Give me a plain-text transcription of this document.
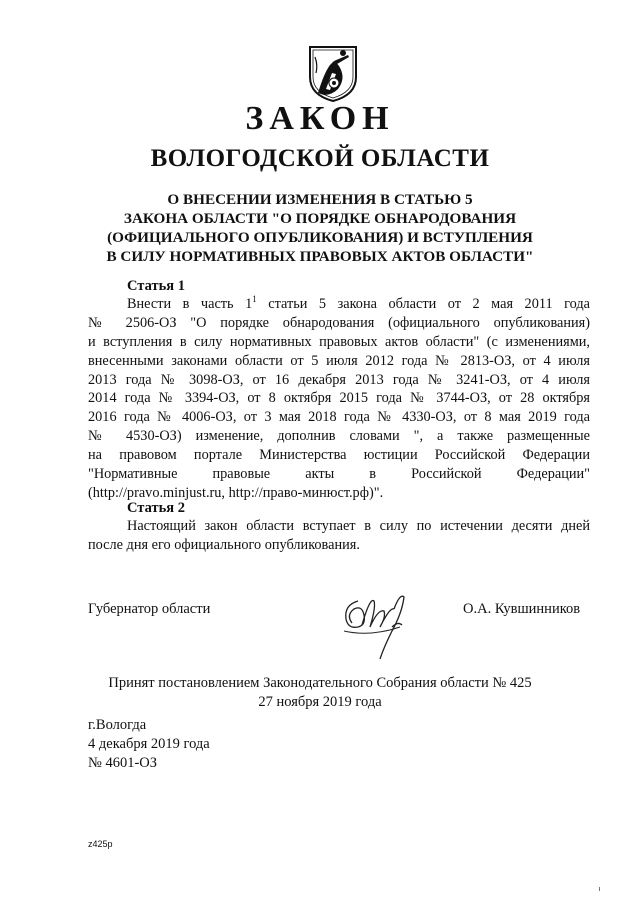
ЗАКОН
ВОЛОГОДСКОЙ ОБЛАСТИ
О ВНЕСЕНИИ ИЗМЕНЕНИЯ В СТАТЬЮ 5
ЗАКОНА ОБЛАСТИ "О ПОРЯДКЕ ОБНАРОДОВАНИЯ
(ОФИЦИАЛЬНОГО ОПУБЛИКОВАНИЯ) И ВСТУПЛЕНИЯ
В СИЛУ НОРМАТИВНЫХ ПРАВОВЫХ АКТОВ ОБЛАСТИ"
Статья 1
Внести в часть $1^1$ статьи 5 закона области от 2 мая 2011 года
№ 2506-ОЗ "О порядке обнародования (официального опубликования)
и вступления в силу нормативных правовых актов области" (с изменениями,
внесенными законами области от 5 июля 2012 года № 2813-ОЗ, от 4 июля
2013 года № 3098-ОЗ, от 16 декабря 2013 года № 3241-ОЗ, от 4 июля
2014 года № 3394-ОЗ, от 8 октября 2015 года № 3744-ОЗ, от 28 октября
2016 года № 4006-ОЗ, от 3 мая 2018 года № 4330-ОЗ, от 8 мая 2019 года
№ 4530-ОЗ) изменение, дополнив словами ", а также размещенные
на правовом портале Министерства юстиции Российской Федерации
"Нормативные правовые акты в Российской Федерации"
(http://pravo.minjust.ru, http://право-минюст.рф)".
Статья 2
Настоящий закон области вступает в силу по истечении десяти дней
после дня его официального опубликования.
Губернатор области	О.А. Кувшинников
Принят постановлением Законодательного Собрания области № 425
27 ноября 2019 года
г.Вологда
4 декабря 2019 года
№ 4601-ОЗ
z425p
